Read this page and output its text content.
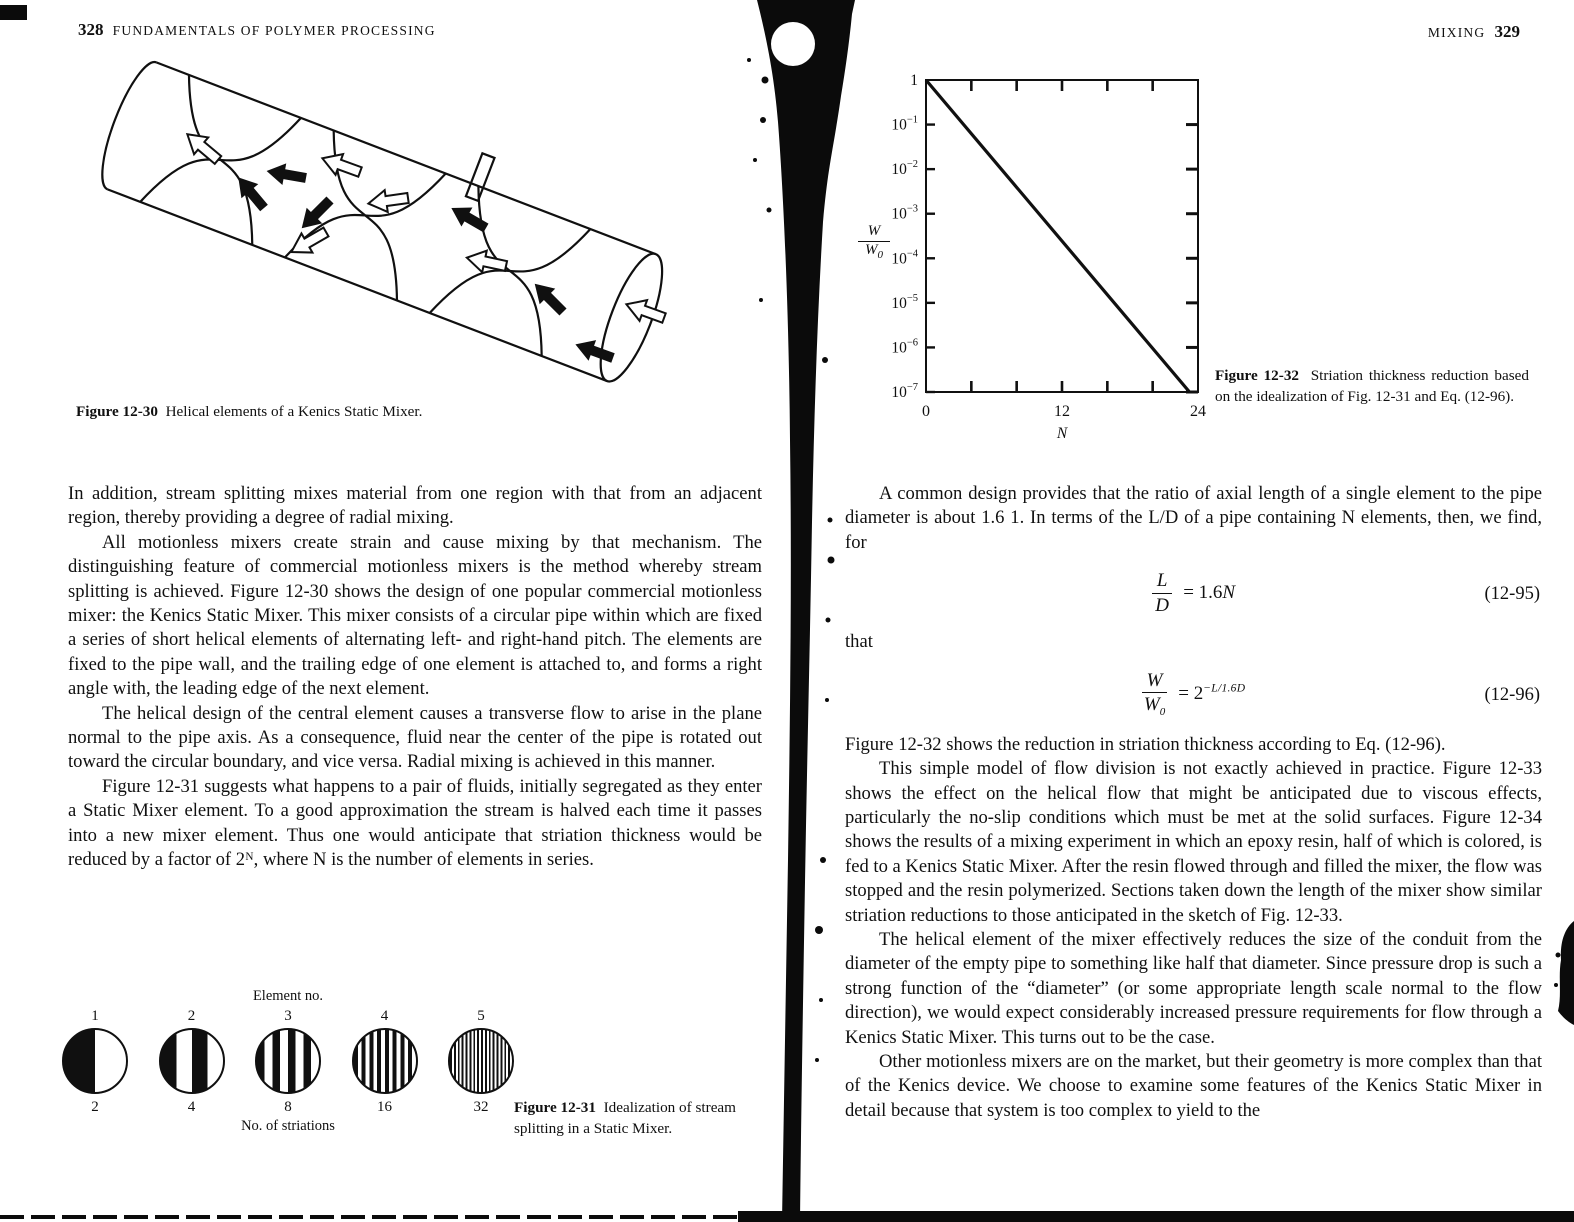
328 FUNDAMENTALS OF POLYMER PROCESSING
Figure 12-30 Helical elements of a Kenics Static Mixer.

In addition, stream splitting mixes material from one region with that from an adjacent region, thereby providing a degree of radial mixing.

All motionless mixers create strain and cause mixing by that mechanism. The distinguishing feature of commercial motionless mixers is the method whereby stream splitting is achieved. Figure 12-30 shows the design of one popular commercial motionless mixer: the Kenics Static Mixer. This mixer consists of a circular pipe within which are fixed a series of short helical elements of alternating left- and right-hand pitch. The elements are fixed to the pipe wall, and the trailing edge of one element is attached to, and forms a right angle with, the leading edge of the next element.

The helical design of the central element causes a transverse flow to arise in the plane normal to the pipe axis. As a consequence, fluid near the center of the pipe is rotated out toward the circular boundary, and vice versa. Radial mixing is achieved in this manner.

Figure 12-31 suggests what happens to a pair of fluids, initially segregated as they enter a Static Mixer element. To a good approximation the stream is halved each time it passes into a new mixer element. Thus one would anticipate that striation thickness would be reduced by a factor of 2ᴺ, where N is the number of elements in series.

Element no.
1
2
2
4
3
8
4
16
5
32
No. of striations
Figure 12-31 Idealization of stream splitting in a Static Mixer.
MIXING 329
1
$10^{-1}$
$10^{-2}$
$10^{-3}$
$10^{-4}$
$10^{-5}$
$10^{-6}$
$10^{-7}$
0	12	24
N
$\frac{W}{W_0}$
Figure 12-32 Striation thickness reduction based on the idealization of Fig. 12-31 and Eq. (12-96).

A common design provides that the ratio of axial length of a single element to the pipe diameter is about 1.6 1. In terms of the L/D of a pipe containing N elements, then, we find, for

$\frac{L}{D} = 1.6N$	(12-95)

that

$\frac{W}{W_0} = 2^{-L/1.6D}$	(12-96)

Figure 12-32 shows the reduction in striation thickness according to Eq. (12-96).

This simple model of flow division is not exactly achieved in practice. Figure 12-33 shows the effect on the helical flow that might be anticipated due to viscous effects, particularly the no-slip conditions which must be met at the solid surfaces. Figure 12-34 shows the results of a mixing experiment in which an epoxy resin, half of which is colored, is fed to a Kenics Static Mixer. After the resin flowed through and filled the mixer, the flow was stopped and the resin polymerized. Sections taken down the length of the mixer show similar striation reductions to those anticipated in the sketch of Fig. 12-33.

The helical element of the mixer effectively reduces the size of the conduit from the diameter of the empty pipe to something like half that diameter. Since pressure drop is such a strong function of the “diameter” (or some appropriate length scale normal to the flow direction), we would expect considerably increased pressure requirements for flow through a Kenics Static Mixer. This turns out to be the case.

Other motionless mixers are on the market, but their geometry is more complex than that of the Kenics device. We choose to examine some features of the Kenics Static Mixer in detail because that system is too complex to yield to the
